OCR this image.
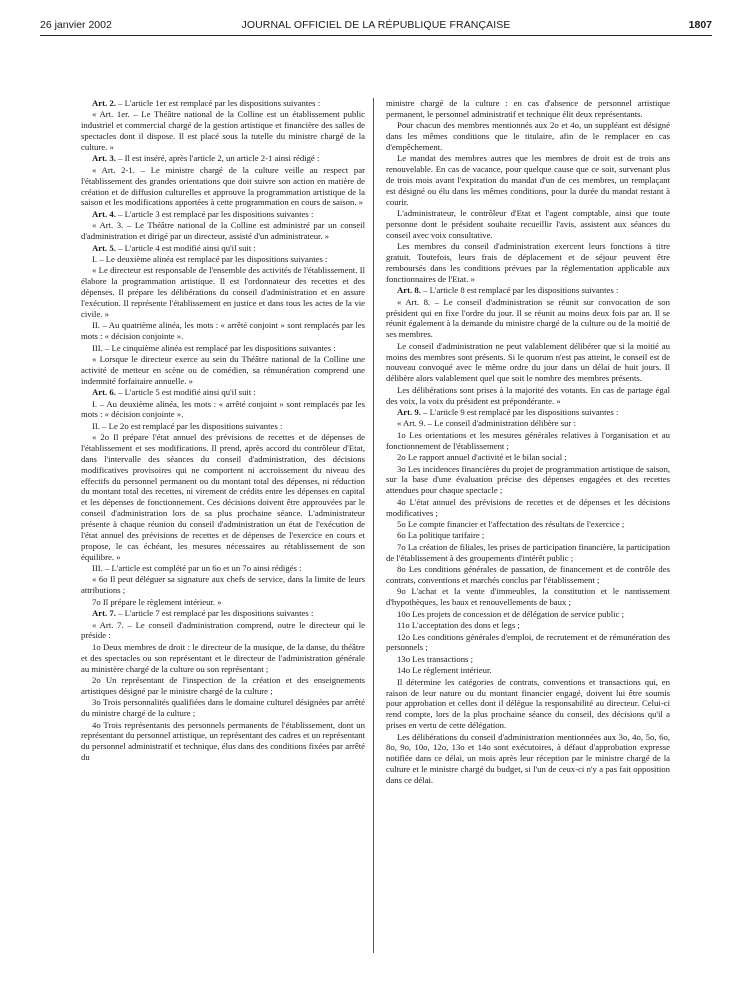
26 janvier 2002	JOURNAL OFFICIEL DE LA RÉPUBLIQUE FRANÇAISE	1807

Art. 2. – L'article 1er est remplacé par les dispositions suivantes :

« Art. 1er. – Le Théâtre national de la Colline est un établissement public industriel et commercial chargé de la gestion artistique et financière des salles de spectacles dont il dispose. Il est placé sous la tutelle du ministre chargé de la culture. »

Art. 3. – Il est inséré, après l'article 2, un article 2-1 ainsi rédigé :

« Art. 2-1. – Le ministre chargé de la culture veille au respect par l'établissement des grandes orientations que doit suivre son action en matière de création et de diffusion culturelles et approuve la programmation artistique de la saison et les modifications apportées à cette programmation en cours de saison. »

Art. 4. – L'article 3 est remplacé par les dispositions suivantes :

« Art. 3. – Le Théâtre national de la Colline est administré par un conseil d'administration et dirigé par un directeur, assisté d'un administrateur. »

Art. 5. – L'article 4 est modifié ainsi qu'il suit :

I. – Le deuxième alinéa est remplacé par les dispositions suivantes :

« Le directeur est responsable de l'ensemble des activités de l'établissement. Il élabore la programmation artistique. Il est l'ordonnateur des recettes et des dépenses. Il prépare les délibérations du conseil d'administration et en assure l'exécution. Il représente l'établissement en justice et dans tous les actes de la vie civile. »

II. – Au quatrième alinéa, les mots : « arrêté conjoint » sont remplacés par les mots : « décision conjointe ».

III. – Le cinquième alinéa est remplacé par les dispositions suivantes :

« Lorsque le directeur exerce au sein du Théâtre national de la Colline une activité de metteur en scène ou de comédien, sa rémunération comprend une indemnité forfaitaire annuelle. »

Art. 6. – L'article 5 est modifié ainsi qu'il suit :

I. – Au deuxième alinéa, les mots : « arrêté conjoint » sont remplacés par les mots : « décision conjointe ».

II. – Le 2o est remplacé par les dispositions suivantes :

« 2o Il prépare l'état annuel des prévisions de recettes et de dépenses de l'établissement et ses modifications. Il prend, après accord du contrôleur d'Etat, dans l'intervalle des séances du conseil d'administration, des décisions modificatives provisoires qui ne comportent ni accroissement du niveau des effectifs du personnel permanent ou du montant total des dépenses, ni réduction du montant total des recettes, ni virement de crédits entre les dépenses en capital et les dépenses de fonctionnement. Ces décisions doivent être approuvées par le conseil d'administration lors de sa plus prochaine séance. L'administrateur présente à chaque réunion du conseil d'administration un état de l'exécution de l'état annuel des prévisions de recettes et de dépenses de l'exercice en cours et propose, le cas échéant, les mesures nécessaires au rétablissement de son équilibre. »

III. – L'article est complété par un 6o et un 7o ainsi rédigés :

« 6o Il peut déléguer sa signature aux chefs de service, dans la limite de leurs attributions ;

7o Il prépare le règlement intérieur. »

Art. 7. – L'article 7 est remplacé par les dispositions suivantes :

« Art. 7. – Le conseil d'administration comprend, outre le directeur qui le préside :

1o Deux membres de droit : le directeur de la musique, de la danse, du théâtre et des spectacles ou son représentant et le directeur de l'administration générale au ministère chargé de la culture ou son représentant ;

2o Un représentant de l'inspection de la création et des enseignements artistiques désigné par le ministre chargé de la culture ;

3o Trois personnalités qualifiées dans le domaine culturel désignées par arrêté du ministre chargé de la culture ;

4o Trois représentants des personnels permanents de l'établissement, dont un représentant du personnel artistique, un représentant des cadres et un représentant du personnel administratif et technique, élus dans des conditions fixées par arrêté du

ministre chargé de la culture : en cas d'absence de personnel artistique permanent, le personnel administratif et technique élit deux représentants.

Pour chacun des membres mentionnés aux 2o et 4o, un suppléant est désigné dans les mêmes conditions que le titulaire, afin de le remplacer en cas d'empêchement.

Le mandat des membres autres que les membres de droit est de trois ans renouvelable. En cas de vacance, pour quelque cause que ce soit, survenant plus de trois mois avant l'expiration du mandat d'un de ces membres, un remplaçant est désigné ou élu dans les mêmes conditions, pour la durée du mandat restant à courir.

L'administrateur, le contrôleur d'Etat et l'agent comptable, ainsi que toute personne dont le président souhaite recueillir l'avis, assistent aux séances du conseil avec voix consultative.

Les membres du conseil d'administration exercent leurs fonctions à titre gratuit. Toutefois, leurs frais de déplacement et de séjour peuvent être remboursés dans les conditions prévues par la réglementation applicable aux fonctionnaires de l'Etat. »

Art. 8. – L'article 8 est remplacé par les dispositions suivantes :

« Art. 8. – Le conseil d'administration se réunit sur convocation de son président qui en fixe l'ordre du jour. Il se réunit au moins deux fois par an. Il se réunit également à la demande du ministre chargé de la culture ou de la moitié de ses membres.

Le conseil d'administration ne peut valablement délibérer que si la moitié au moins des membres sont présents. Si le quorum n'est pas atteint, le conseil est de nouveau convoqué avec le même ordre du jour dans un délai de huit jours. Il délibère alors valablement quel que soit le nombre des membres présents.

Les délibérations sont prises à la majorité des votants. En cas de partage égal des voix, la voix du président est prépondérante. »

Art. 9. – L'article 9 est remplacé par les dispositions suivantes :

« Art. 9. – Le conseil d'administration délibère sur :

1o Les orientations et les mesures générales relatives à l'organisation et au fonctionnement de l'établissement ;

2o Le rapport annuel d'activité et le bilan social ;

3o Les incidences financières du projet de programmation artistique de saison, sur la base d'une évaluation précise des dépenses engagées et des recettes attendues pour chaque spectacle ;

4o L'état annuel des prévisions de recettes et de dépenses et les décisions modificatives ;

5o Le compte financier et l'affectation des résultats de l'exercice ;

6o La politique tarifaire ;

7o La création de filiales, les prises de participation financière, la participation de l'établissement à des groupements d'intérêt public ;

8o Les conditions générales de passation, de financement et de contrôle des contrats, conventions et marchés conclus par l'établissement ;

9o L'achat et la vente d'immeubles, la constitution et le nantissement d'hypothèques, les baux et renouvellements de baux ;

10o Les projets de concession et de délégation de service public ;

11o L'acceptation des dons et legs ;

12o Les conditions générales d'emploi, de recrutement et de rémunération des personnels ;

13o Les transactions ;

14o Le règlement intérieur.

Il détermine les catégories de contrats, conventions et transactions qui, en raison de leur nature ou du montant financier engagé, doivent lui être soumis pour approbation et celles dont il délègue la responsabilité au directeur. Celui-ci rend compte, lors de la plus prochaine séance du conseil, des décisions qu'il a prises en vertu de cette délégation.

Les délibérations du conseil d'administration mentionnées aux 3o, 4o, 5o, 6o, 8o, 9o, 10o, 12o, 13o et 14o sont exécutoires, à défaut d'approbation expresse notifiée dans ce délai, un mois après leur réception par le ministre chargé de la culture et le ministre chargé du budget, si l'un de ceux-ci n'y a pas fait opposition dans ce délai.
